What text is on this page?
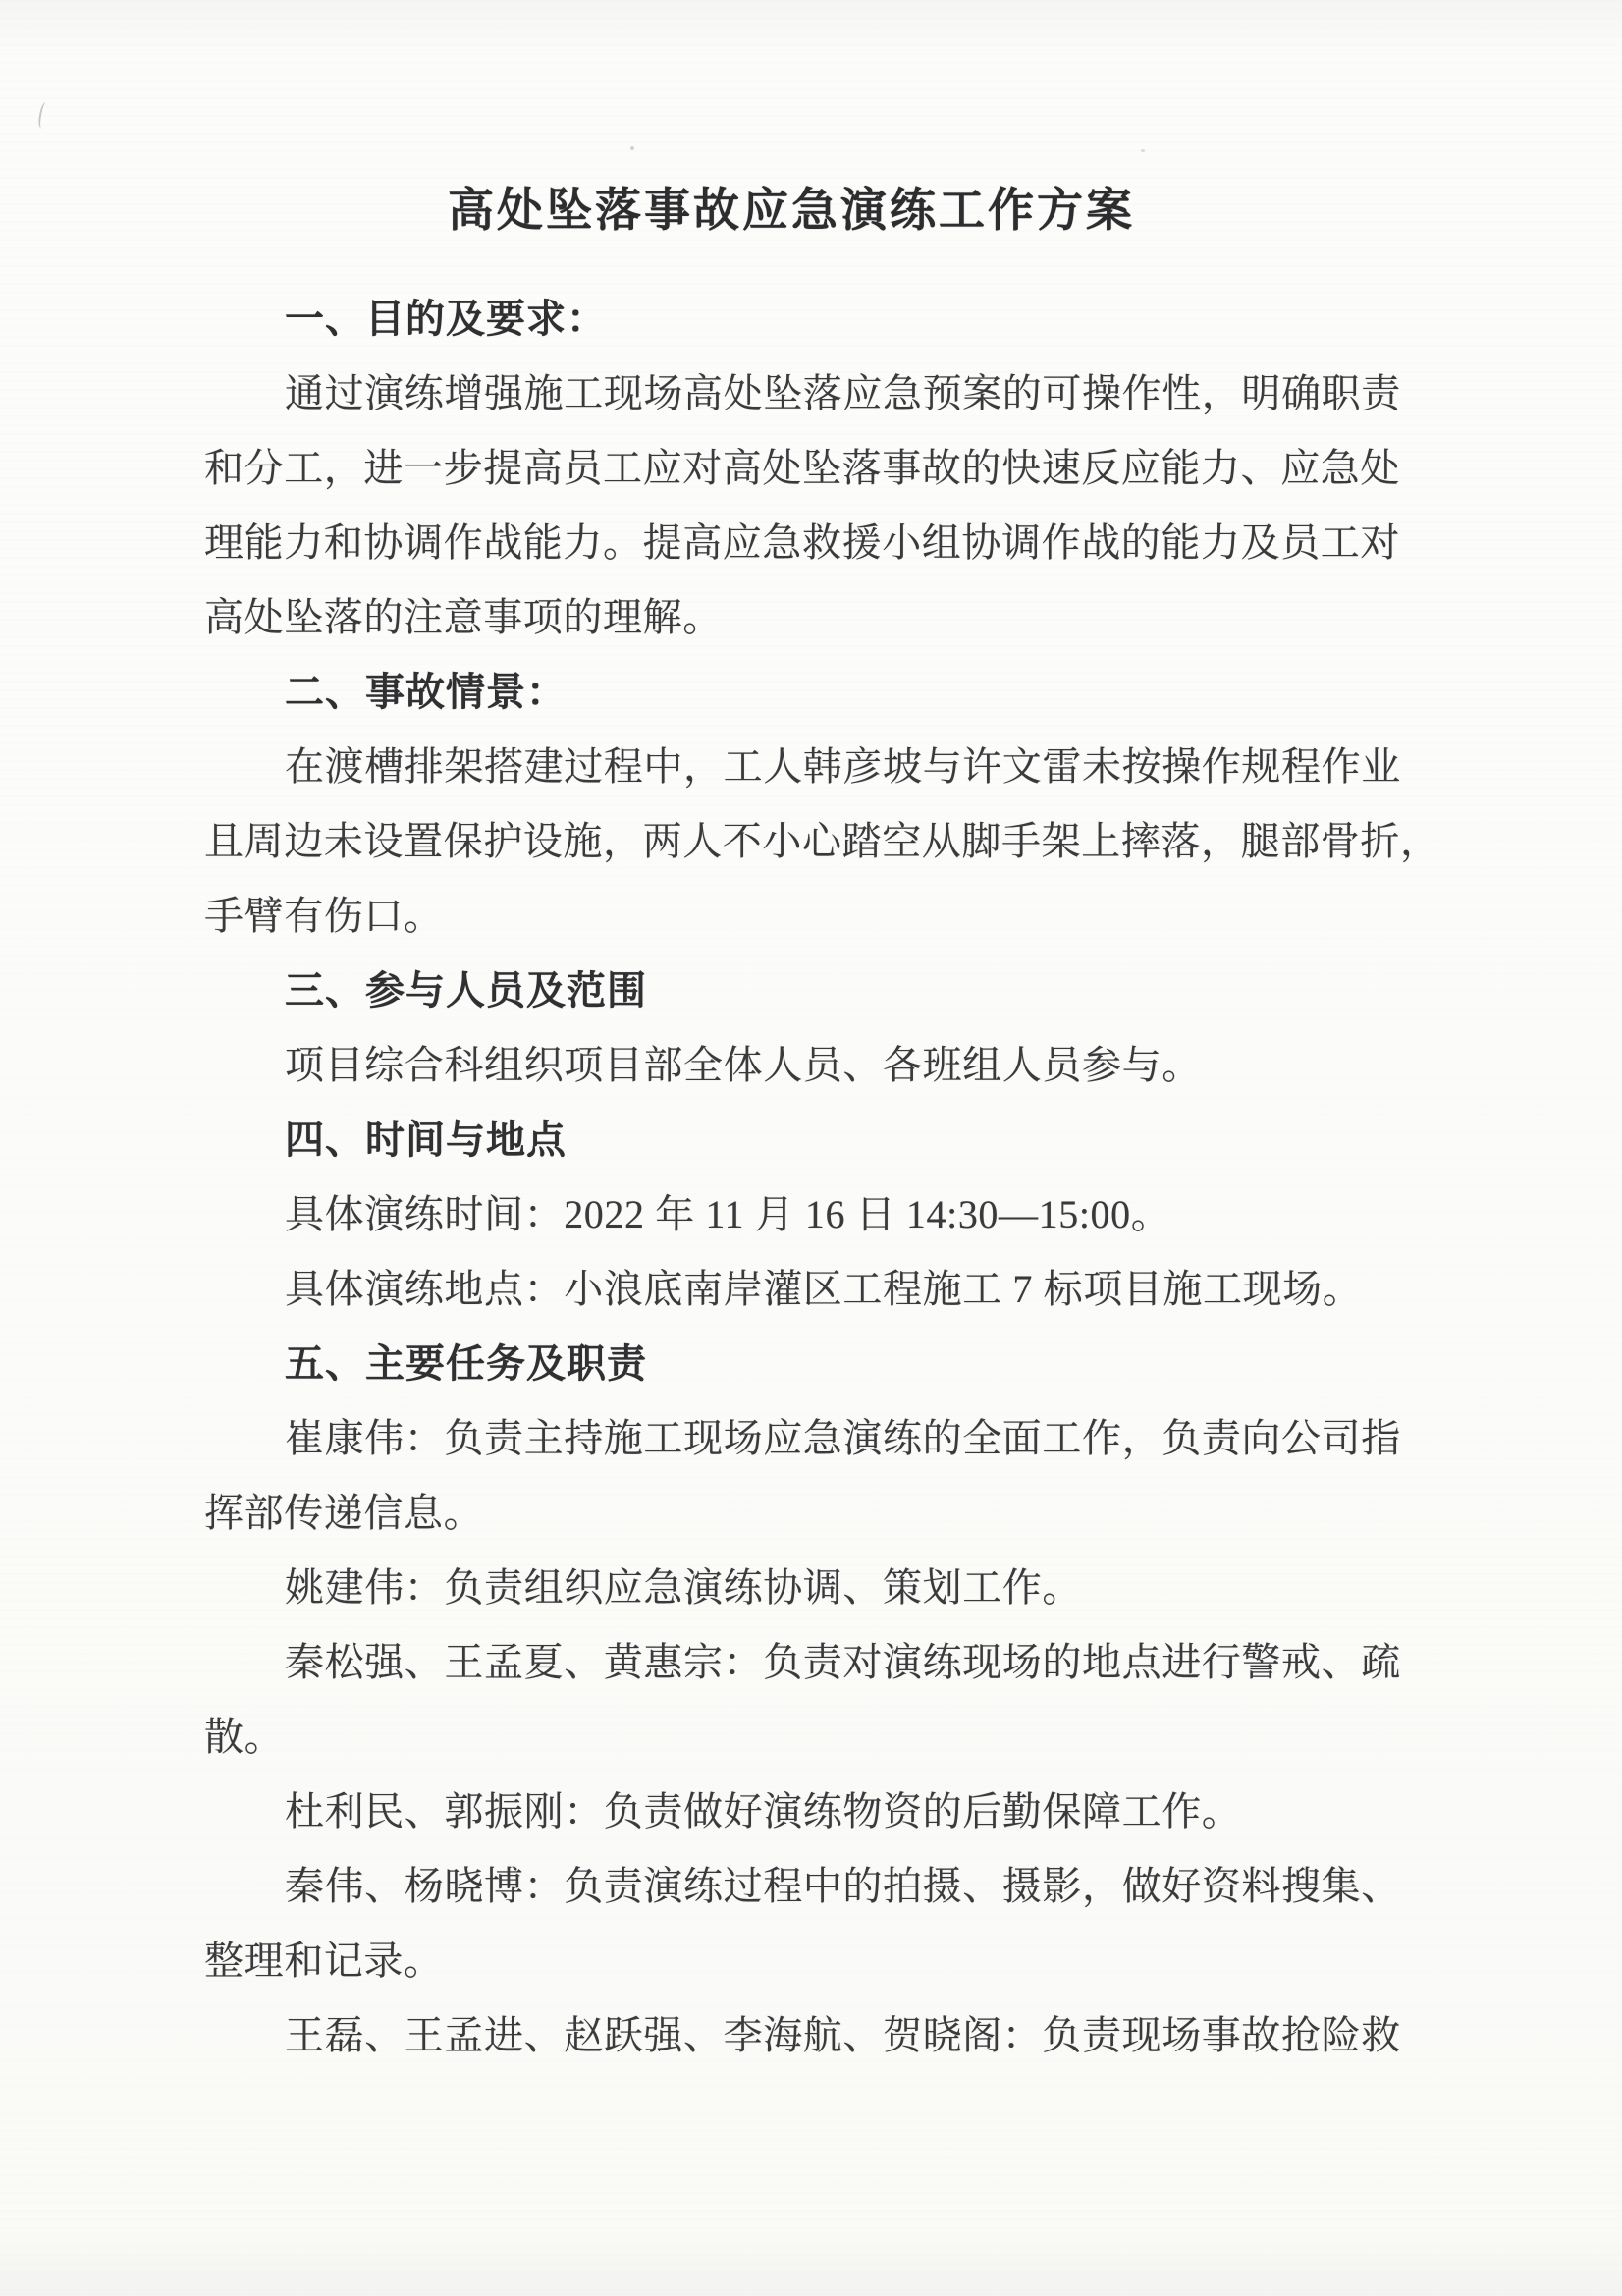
高处坠落事故应急演练工作方案
一、目的及要求：
通过演练增强施工现场高处坠落应急预案的可操作性，明确职责
和分工，进一步提高员工应对高处坠落事故的快速反应能力、应急处
理能力和协调作战能力。提高应急救援小组协调作战的能力及员工对
高处坠落的注意事项的理解。
二、事故情景：
在渡槽排架搭建过程中，工人韩彦坡与许文雷未按操作规程作业
且周边未设置保护设施，两人不小心踏空从脚手架上摔落，腿部骨折，
手臂有伤口。
三、参与人员及范围
项目综合科组织项目部全体人员、各班组人员参与。
四、时间与地点
具体演练时间：2022 年 11 月 16 日 14:30—15:00。
具体演练地点：小浪底南岸灌区工程施工 7 标项目施工现场。
五、主要任务及职责
崔康伟：负责主持施工现场应急演练的全面工作，负责向公司指
挥部传递信息。
姚建伟：负责组织应急演练协调、策划工作。
秦松强、王孟夏、黄惠宗：负责对演练现场的地点进行警戒、疏
散。
杜利民、郭振刚：负责做好演练物资的后勤保障工作。
秦伟、杨晓博：负责演练过程中的拍摄、摄影，做好资料搜集、
整理和记录。
王磊、王孟进、赵跃强、李海航、贺晓阁：负责现场事故抢险救
